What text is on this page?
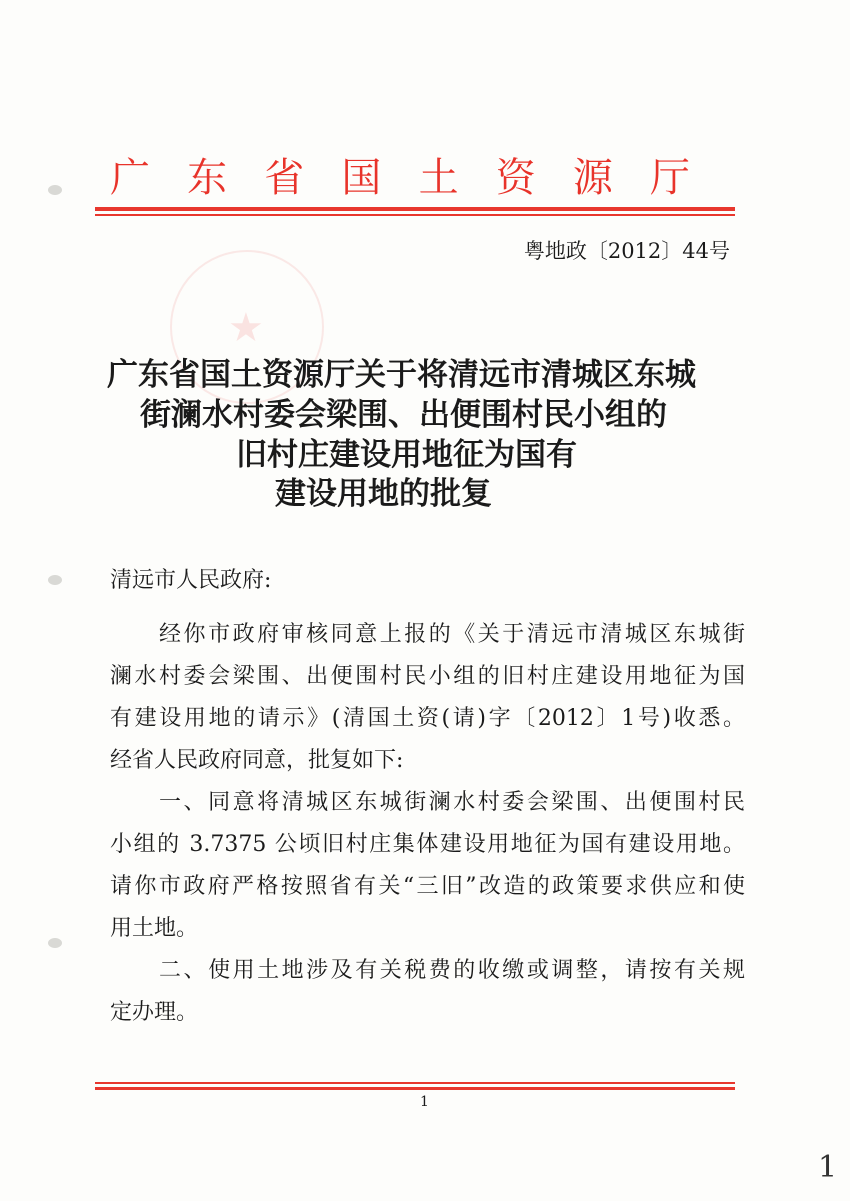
广 东 省 国 土 资 源 厅
粤地政〔2012〕44号
★
广东省国土资源厅关于将清远市清城区东城
街澜水村委会梁围、出便围村民小组的
旧村庄建设用地征为国有
建设用地的批复
清远市人民政府:
　　经你市政府审核同意上报的《关于清远市清城区东城街
澜水村委会梁围、出便围村民小组的旧村庄建设用地征为国
有建设用地的请示》(清国土资(请)字〔2012〕1号)收悉。
经省人民政府同意，批复如下:
　　一、同意将清城区东城街澜水村委会梁围、出便围村民
小组的 3.7375 公顷旧村庄集体建设用地征为国有建设用地。
请你市政府严格按照省有关“三旧”改造的政策要求供应和使
用土地。
　　二、使用土地涉及有关税费的收缴或调整，请按有关规
定办理。
1
1
